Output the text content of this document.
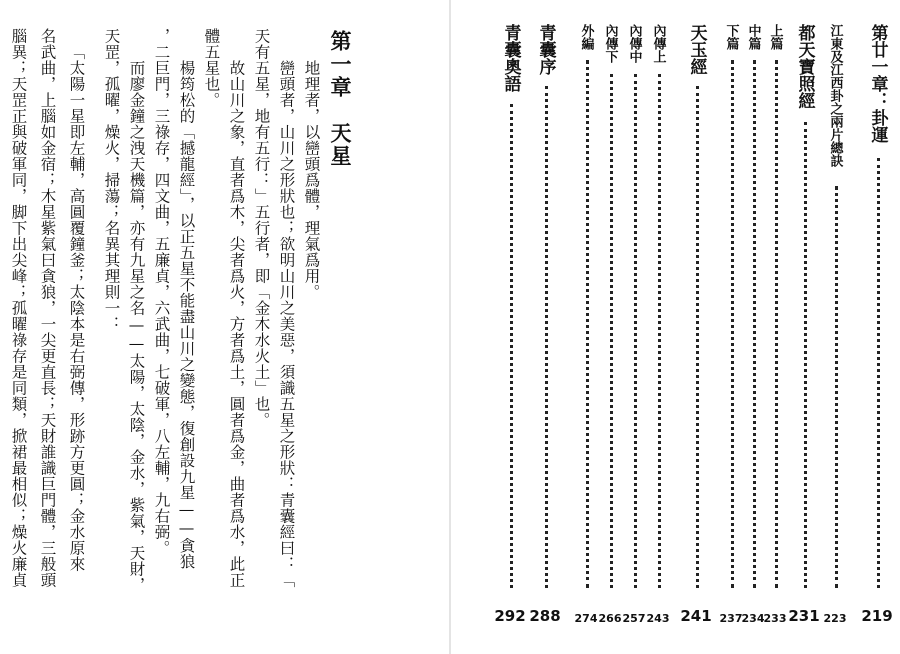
第一章　天星
地理者，以巒頭爲體，理氣爲用。
巒頭者，山川之形狀也；欲明山川之美惡，須識五星之形狀：青囊經曰：「
天有五星，地有五行：」五行者，即「金木水火土」也。
故山川之象，直者爲木，尖者爲火，方者爲土，圓者爲金，曲者爲水，此正
體五星也。
楊筠松的「撼龍經」，以正五星不能盡山川之變態，復創設九星——貪狼
，二巨門，三祿存，四文曲，五廉貞，六武曲，七破軍，八左輔，九右弼。
而廖金鐘之洩天機篇，亦有九星之名——太陽，太陰，金水，紫氣，天財，
天罡，孤曜，燥火，掃蕩；名異其理則一：
「太陽一星即左輔，高圓覆鐘釜；太陰本是右弼傳，形跡方更圓；金水原來
名武曲，上腦如金宿；木星紫氣曰貪狼，一尖更直長；天財誰識巨門體，三般頭
腦異；天罡正與破軍同，脚下出尖峰；孤曜祿存是同類，掀裙最相似；燥火廉貞	第廿一章：卦運
219
江東及江西卦之兩片總訣
223
都天寶照經
231
上篇
233
中篇
234
下篇
237
天玉經
241
內傳上
243
內傳中
257
內傳下
266
外編
274
青囊序
288
青囊奧語
292
